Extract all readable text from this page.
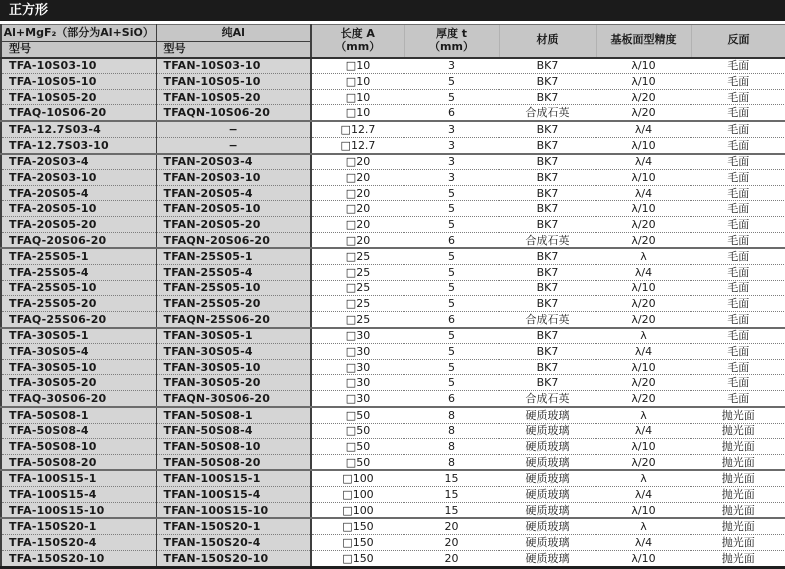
正方形
Al+MgF₂（部分为Al+SiO）	纯Al	长度 A
（mm）

厚度 t
（mm）	材质	基板面型精度	反面
型号	型号					
TFA-10S03-10	TFAN-10S03-10	□10	3	BK7	λ/10	毛面
TFA-10S05-10	TFAN-10S05-10	□10	5	BK7	λ/10	毛面
TFA-10S05-20	TFAN-10S05-20	□10	5	BK7	λ/20	毛面
TFAQ-10S06-20	TFAQN-10S06-20	□10	6	合成石英	λ/20	毛面
TFA-12.7S03-4	−	□12.7	3	BK7	λ/4	毛面
TFA-12.7S03-10	−	□12.7	3	BK7	λ/10	毛面
TFA-20S03-4	TFAN-20S03-4	□20	3	BK7	λ/4	毛面
TFA-20S03-10	TFAN-20S03-10	□20	3	BK7	λ/10	毛面
TFA-20S05-4	TFAN-20S05-4	□20	5	BK7	λ/4	毛面
TFA-20S05-10	TFAN-20S05-10	□20	5	BK7	λ/10	毛面
TFA-20S05-20	TFAN-20S05-20	□20	5	BK7	λ/20	毛面
TFAQ-20S06-20	TFAQN-20S06-20	□20	6	合成石英	λ/20	毛面
TFA-25S05-1	TFAN-25S05-1	□25	5	BK7	λ	毛面
TFA-25S05-4	TFAN-25S05-4	□25	5	BK7	λ/4	毛面
TFA-25S05-10	TFAN-25S05-10	□25	5	BK7	λ/10	毛面
TFA-25S05-20	TFAN-25S05-20	□25	5	BK7	λ/20	毛面
TFAQ-25S06-20	TFAQN-25S06-20	□25	6	合成石英	λ/20	毛面
TFA-30S05-1	TFAN-30S05-1	□30	5	BK7	λ	毛面
TFA-30S05-4	TFAN-30S05-4	□30	5	BK7	λ/4	毛面
TFA-30S05-10	TFAN-30S05-10	□30	5	BK7	λ/10	毛面
TFA-30S05-20	TFAN-30S05-20	□30	5	BK7	λ/20	毛面
TFAQ-30S06-20	TFAQN-30S06-20	□30	6	合成石英	λ/20	毛面
TFA-50S08-1	TFAN-50S08-1	□50	8	硬质玻璃	λ	抛光面
TFA-50S08-4	TFAN-50S08-4	□50	8	硬质玻璃	λ/4	抛光面
TFA-50S08-10	TFAN-50S08-10	□50	8	硬质玻璃	λ/10	抛光面
TFA-50S08-20	TFAN-50S08-20	□50	8	硬质玻璃	λ/20	抛光面
TFA-100S15-1	TFAN-100S15-1	□100	15	硬质玻璃	λ	抛光面
TFA-100S15-4	TFAN-100S15-4	□100	15	硬质玻璃	λ/4	抛光面
TFA-100S15-10	TFAN-100S15-10	□100	15	硬质玻璃	λ/10	抛光面
TFA-150S20-1	TFAN-150S20-1	□150	20	硬质玻璃	λ	抛光面
TFA-150S20-4	TFAN-150S20-4	□150	20	硬质玻璃	λ/4	抛光面
TFA-150S20-10	TFAN-150S20-10	□150	20	硬质玻璃	λ/10	抛光面
